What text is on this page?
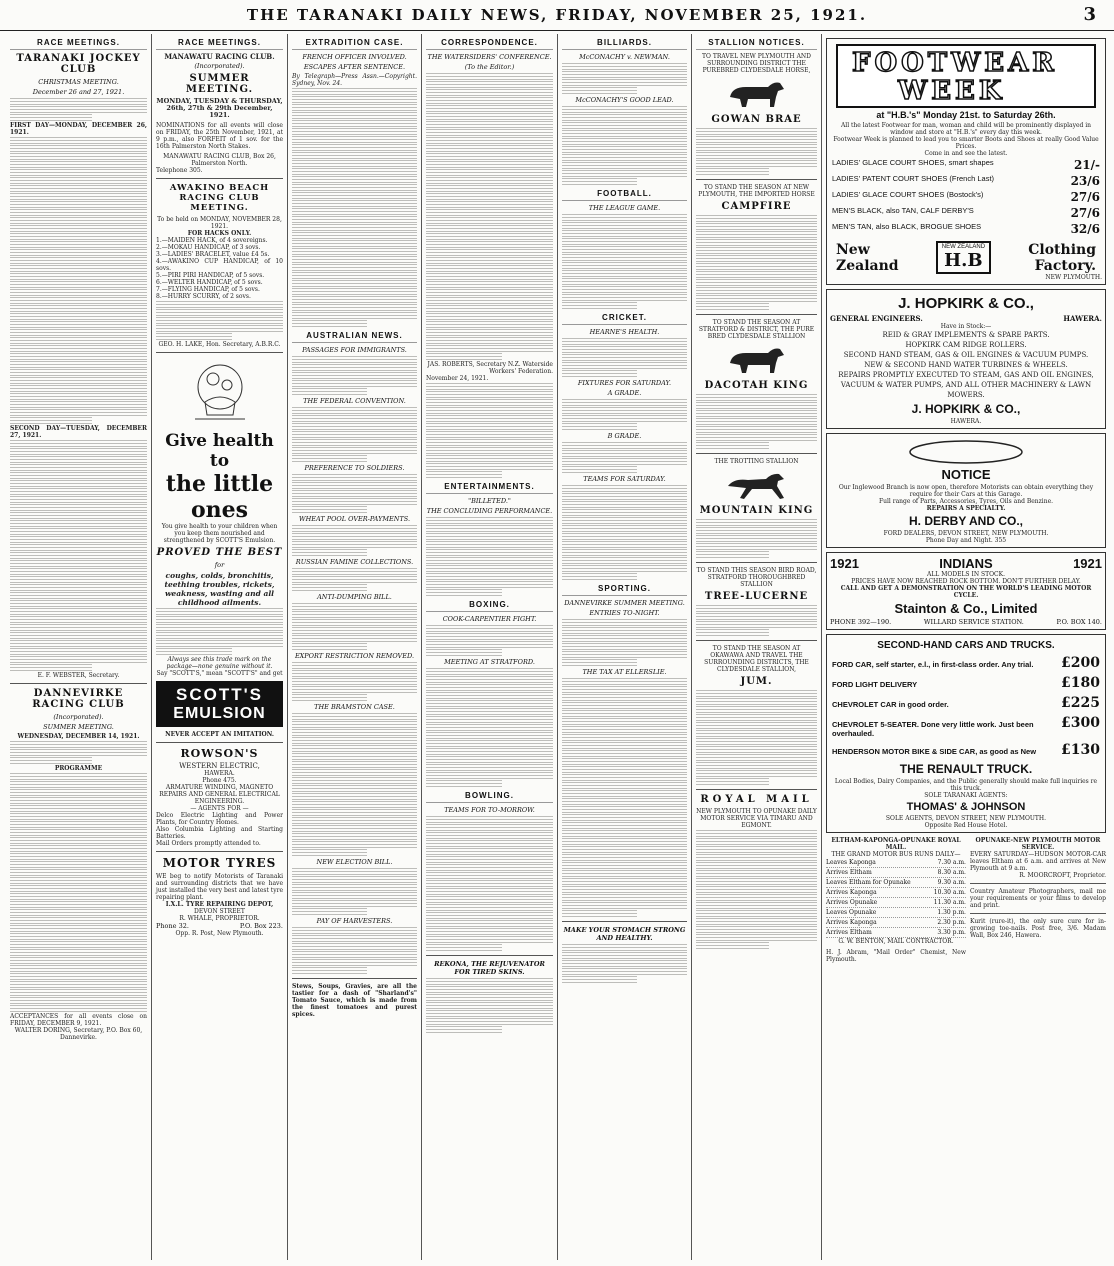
THE TARANAKI DAILY NEWS, FRIDAY, NOVEMBER 25, 1921.	3
RACE MEETINGS.
TARANAKI JOCKEY CLUB
CHRISTMAS MEETING.
December 26 and 27, 1921.
FIRST DAY—MONDAY, DECEMBER 26, 1921.
SECOND DAY—TUESDAY, DECEMBER 27, 1921.
E. F. WEBSTER, Secretary.
DANNEVIRKE RACING CLUB
(Incorporated).
SUMMER MEETING.
WEDNESDAY, DECEMBER 14, 1921.
PROGRAMME
ACCEPTANCES for all events close on FRIDAY, DECEMBER 9, 1921.
WALTER DORING, Secretary, P.O. Box 60, Dannevirke.
RACE MEETINGS.
MANAWATU RACING CLUB.
(Incorporated).
SUMMER MEETING.
MONDAY, TUESDAY & THURSDAY, 26th, 27th & 29th December, 1921.
NOMINATIONS for all events will close on FRIDAY, the 25th November, 1921, at 9 p.m., also FORFEIT of 1 sov. for the 16th Palmerston North Stakes.
MANAWATU RACING CLUB, Box 26, Palmerston North.
Telephone 305.
AWAKINO BEACH RACING CLUB MEETING.
To be held on MONDAY, NOVEMBER 28, 1921.
FOR HACKS ONLY.
1.—MAIDEN HACK, of 4 sovereigns.
2.—MOKAU HANDICAP, of 3 sovs.
3.—LADIES' BRACELET, value £4 5s.
4.—AWAKINO CUP HANDICAP, of 10 sovs.
5.—PIRI PIRI HANDICAP, of 5 sovs.
6.—WELTER HANDICAP, of 5 sovs.
7.—FLYING HANDICAP, of 5 sovs.
8.—HURRY SCURRY, of 2 sovs.
GEO. H. LAKE, Hon. Secretary, A.B.R.C.
Give health to
the little ones
You give health to your children when you keep them nourished and strengthened by SCOTT'S Emulsion.
PROVED THE BEST
for
coughs, colds, bronchitis, teething troubles, rickets, weakness, wasting and all childhood ailments.
Always see this trade mark on the package—none genuine without it.
Say "SCOTT'S," mean "SCOTT'S" and get
SCOTT'S
EMULSION
NEVER ACCEPT AN IMITATION.
ROWSON'S
WESTERN ELECTRIC,
HAWERA.
Phone 475.
ARMATURE WINDING, MAGNETO REPAIRS AND GENERAL ELECTRICAL ENGINEERING.
— AGENTS FOR —
Delco Electric Lighting and Power Plants, for Country Homes.
Also Columbia Lighting and Starting Batteries.
Mail Orders promptly attended to.
MOTOR TYRES
WE beg to notify Motorists of Taranaki and surrounding districts that we have just installed the very best and latest tyre repairing plant.
I.X.L. TYRE REPAIRING DEPOT,
DEVON STREET
R. WHALE, PROPRIETOR.
Phone 32.	P.O. Box 223.
Opp. R. Post, New Plymouth.
EXTRADITION CASE.
FRENCH OFFICER INVOLVED.
ESCAPES AFTER SENTENCE.
By Telegraph—Press Assn.—Copyright. Sydney, Nov. 24.
AUSTRALIAN NEWS.
PASSAGES FOR IMMIGRANTS.
THE FEDERAL CONVENTION.
PREFERENCE TO SOLDIERS.
WHEAT POOL OVER-PAYMENTS.
RUSSIAN FAMINE COLLECTIONS.
ANTI-DUMPING BILL.
EXPORT RESTRICTION REMOVED.
THE BRAMSTON CASE.
NEW ELECTION BILL.
PAY OF HARVESTERS.
Stews, Soups, Gravies, are all the tastier for a dash of "Sharland's" Tomato Sauce, which is made from the finest tomatoes and purest spices.
CORRESPONDENCE.
THE WATERSIDERS' CONFERENCE.
(To the Editor.)
JAS. ROBERTS, Secretary N.Z. Waterside Workers' Federation.
November 24, 1921.
ENTERTAINMENTS.
"BILLETED."
THE CONCLUDING PERFORMANCE.
BOXING.
COOK-CARPENTIER FIGHT.
MEETING AT STRATFORD.
BOWLING.
TEAMS FOR TO-MORROW.
REKONA, THE REJUVENATOR FOR TIRED SKINS.
BILLIARDS.
McCONACHY v. NEWMAN.
McCONACHY'S GOOD LEAD.
FOOTBALL.
THE LEAGUE GAME.
CRICKET.
HEARNE'S HEALTH.
FIXTURES FOR SATURDAY.
A GRADE.
B GRADE.
TEAMS FOR SATURDAY.
SPORTING.
DANNEVIRKE SUMMER MEETING.
ENTRIES TO-NIGHT.
THE TAX AT ELLERSLIE.
MAKE YOUR STOMACH STRONG AND HEALTHY.
STALLION NOTICES.
TO TRAVEL NEW PLYMOUTH AND SURROUNDING DISTRICT THE PUREBRED CLYDESDALE HORSE,
GOWAN BRAE
TO STAND THE SEASON AT NEW PLYMOUTH, THE IMPORTED HORSE
CAMPFIRE
TO STAND THE SEASON AT STRATFORD & DISTRICT, THE PURE BRED CLYDESDALE STALLION
DACOTAH KING
THE TROTTING STALLION
MOUNTAIN KING
TO STAND THIS SEASON BIRD ROAD, STRATFORD THOROUGHBRED STALLION
TREE-LUCERNE
TO STAND THE SEASON AT OKAWAWA AND TRAVEL THE SURROUNDING DISTRICTS, THE CLYDESDALE STALLION,
JUM.
ROYAL MAIL
NEW PLYMOUTH TO OPUNAKE DAILY MOTOR SERVICE VIA TIMARU AND EGMONT.
FOOTWEAR
WEEK
at "H.B.'s" Monday 21st. to Saturday 26th.
All the latest Footwear for man, woman and child will be prominently displayed in window and store at "H.B.'s" every day this week.
Footwear Week is planned to lead you to smarter Boots and Shoes at really Good Value Prices.
Come in and see the latest.
LADIES' GLACE COURT SHOES, smart shapes	21/-
LADIES' PATENT COURT SHOES (French Last)	23/6
LADIES' GLACE COURT SHOES (Bostock's)	27/6
MEN'S BLACK, also TAN, CALF DERBY'S	27/6
MEN'S TAN, also BLACK, BROGUE SHOES	32/6
New
Zealand
NEW ZEALAND
H.B
Clothing
Factory.
NEW PLYMOUTH.
J. HOPKIRK & CO.,
GENERAL ENGINEERS.	HAWERA.
Have in Stock:—
REID & GRAY IMPLEMENTS & SPARE PARTS.
HOPKIRK CAM RIDGE ROLLERS.
SECOND HAND STEAM, GAS & OIL ENGINES & VACUUM PUMPS.
NEW & SECOND HAND WATER TURBINES & WHEELS.
REPAIRS PROMPTLY EXECUTED TO STEAM, GAS AND OIL ENGINES, VACUUM & WATER PUMPS, AND ALL OTHER MACHINERY & LAWN MOWERS.
J. HOPKIRK & CO.,
HAWERA.
NOTICE
Our Inglewood Branch is now open, therefore Motorists can obtain everything they require for their Cars at this Garage.
Full range of Parts, Accessories, Tyres, Oils and Benzine.
REPAIRS A SPECIALTY.
H. DERBY AND CO.,
FORD DEALERS, DEVON STREET, NEW PLYMOUTH.
Phone Day and Night. 355
1921	INDIANS	1921
ALL MODELS IN STOCK.
PRICES HAVE NOW REACHED ROCK BOTTOM. DON'T FURTHER DELAY.
CALL AND GET A DEMONSTRATION ON THE WORLD'S LEADING MOTOR CYCLE.
Stainton & Co., Limited
PHONE 392—190.	WILLARD SERVICE STATION.	P.O. BOX 140.
SECOND-HAND CARS AND TRUCKS.
FORD CAR, self starter, e.l., in first-class order. Any trial. £200
FORD LIGHT DELIVERY	£180
CHEVROLET CAR in good order.	£225
CHEVROLET 5-SEATER. Done very little work. Just been overhauled.
£300
HENDERSON MOTOR BIKE & SIDE CAR, as good as New £130
THE RENAULT TRUCK.
Local Bodies, Dairy Companies, and the Public generally should make full inquiries re this truck.
SOLE TARANAKI AGENTS:
THOMAS' & JOHNSON
SOLE AGENTS, DEVON STREET, NEW PLYMOUTH.
Opposite Red House Hotel.
ELTHAM-KAPONGA-OPUNAKE ROYAL MAIL.
THE GRAND MOTOR BUS RUNS DAILY—
Leaves Kaponga	7.30 a.m.
Arrives Eltham	8.30 a.m.
Leaves Eltham for Opunake	9.30 a.m.
Arrives Kaponga	10.30 a.m.
Arrives Opunake	11.30 a.m.
Leaves Opunake	1.30 p.m.
Arrives Kaponga	2.30 p.m.
Arrives Eltham	3.30 p.m.
G. W. BENTON, MAIL CONTRACTOR.
H. J. Abram, "Mail Order" Chemist, New Plymouth.
OPUNAKE-NEW PLYMOUTH MOTOR SERVICE.
EVERY SATURDAY—HUDSON MOTOR-CAR leaves Eltham at 6 a.m. and arrives at New Plymouth at 9 a.m.
R. MOORCROFT, Proprietor.
Country Amateur Photographers, mail me your requirements or your films to develop and print.
Kurit (rure-it), the only sure cure for in-growing toe-nails. Post free, 3/6. Madam Wall, Box 246, Hawera.
